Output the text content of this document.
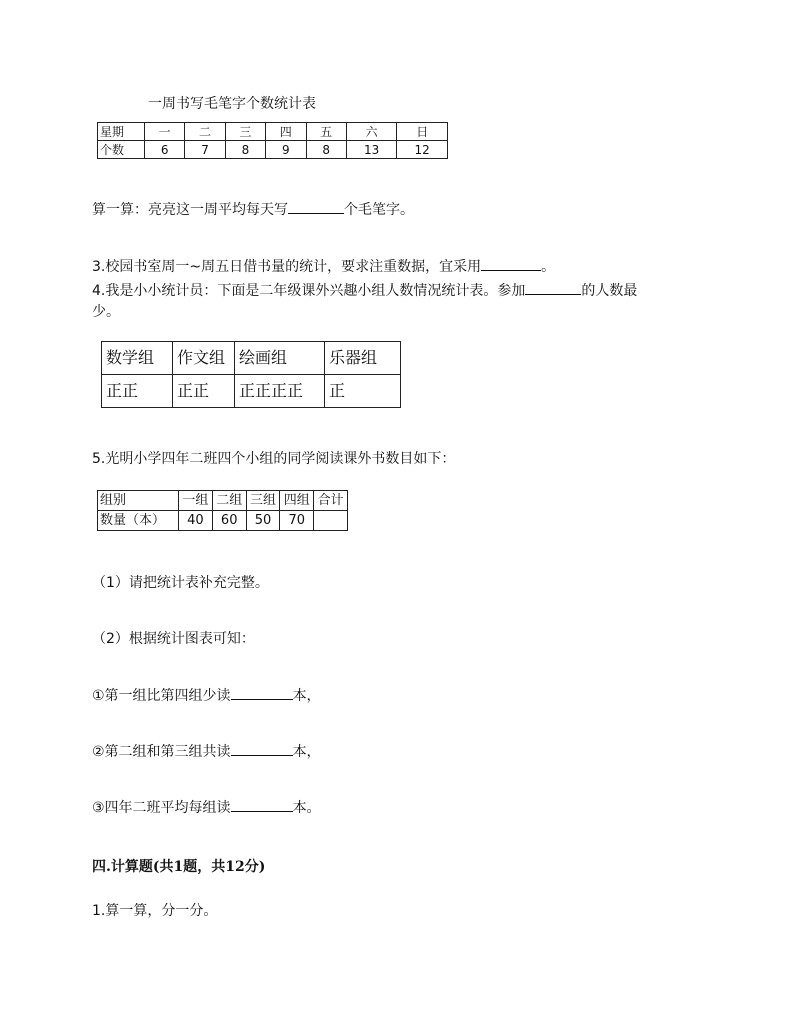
一周书写毛笔字个数统计表
星期	一	二	三	四	五	六	日
个数	6	7	8	9	8	13	12
算一算：亮亮这一周平均每天写	个毛笔字。
3.校园书室周一~周五日借书量的统计，要求注重数据，宜采用	。
4.我是小小统计员：下面是二年级课外兴趣小组人数情况统计表。参加	的人数最
少。
数学组	作文组	绘画组	乐器组
正正	正正	正正正正	正
5.光明小学四年二班四个小组的同学阅读课外书数目如下：
组别	一组	二组	三组	四组	合计
数量（本）	40	60	50	70	
（1）请把统计表补充完整。
（2）根据统计图表可知：
①第一组比第四组少读	本，
②第二组和第三组共读	本，
③四年二班平均每组读	本。
四.计算题(共1题，共12分)
1.算一算，分一分。
